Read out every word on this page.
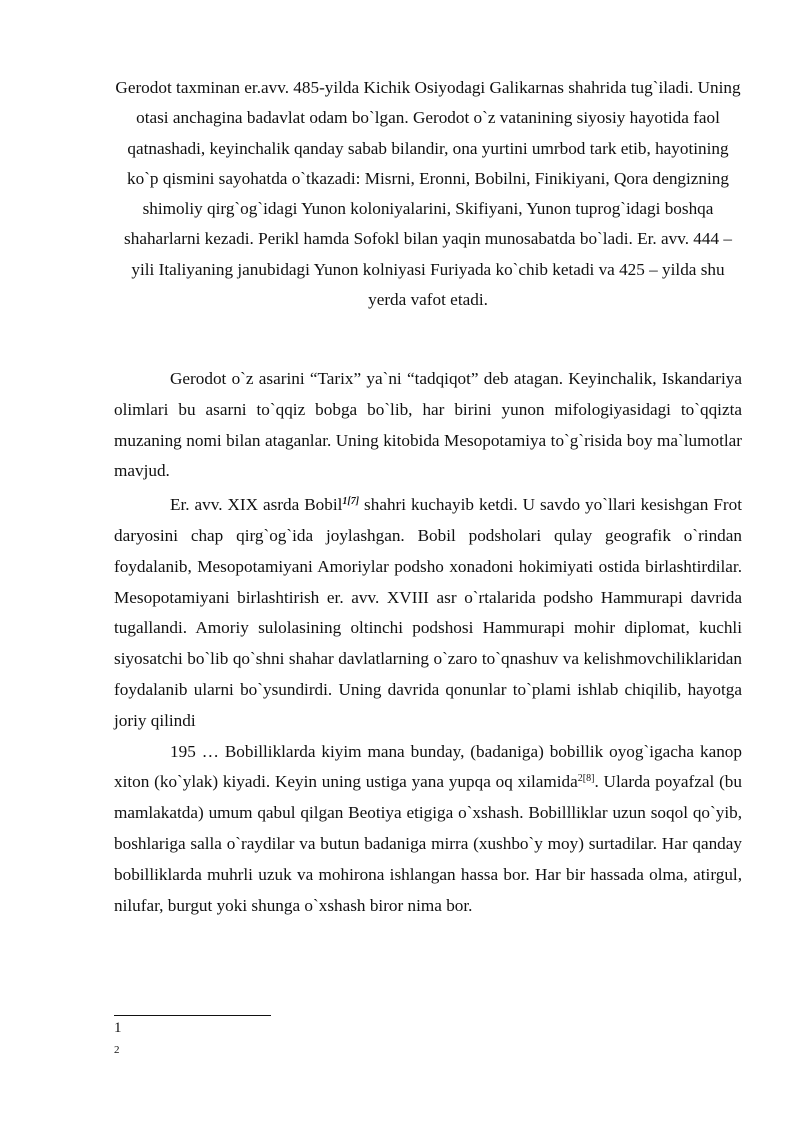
Gerodot taxminan er.avv. 485-yilda Kichik Osiyodagi Galikarnas shahrida tug`iladi. Uning otasi anchagina badavlat odam bo`lgan. Gerodot o`z vatanining siyosiy hayotida faol qatnashadi, keyinchalik qanday sabab bilandir, ona yurtini umrbod tark etib, hayotining ko`p qismini sayohatda o`tkazadi: Misrni, Eronni, Bobilni, Finikiyani, Qora dengizning shimoliy qirg`og`idagi Yunon koloniyalarini, Skifiyani, Yunon tuprog`idagi boshqa shaharlarni kezadi. Perikl hamda Sofokl bilan yaqin munosabatda bo`ladi. Er. avv. 444 – yili Italiyaning janubidagi Yunon kolniyasi Furiyada ko`chib ketadi va 425 – yilda shu yerda vafot etadi.

Gerodot o`z asarini “Tarix” ya`ni “tadqiqot” deb atagan. Keyinchalik, Iskandariya olimlari bu asarni to`qqiz bobga bo`lib, har birini yunon mifologiyasidagi to`qqizta muzaning nomi bilan ataganlar. Uning kitobida Mesopotamiya to`g`risida boy ma`lumotlar mavjud.

Er. avv. XIX asrda Bobil$^{1[7]}$ shahri kuchayib ketdi. U savdo yo`llari kesishgan Frot daryosini chap qirg`og`ida joylashgan. Bobil podsholari qulay geografik o`rindan foydalanib, Mesopotamiyani Amoriylar podsho xonadoni hokimiyati ostida birlashtirdilar. Mesopotamiyani birlashtirish er. avv. XVIII asr o`rtalarida podsho Hammurapi davrida tugallandi. Amoriy sulolasining oltinchi podshosi Hammurapi mohir diplomat, kuchli siyosatchi bo`lib qo`shni shahar davlatlarning o`zaro to`qnashuv va kelishmovchiliklaridan foydalanib ularni bo`ysundirdi. Uning davrida qonunlar to`plami ishlab chiqilib, hayotga joriy qilindi

195 … Bobilliklarda kiyim mana bunday, (badaniga) bobillik oyog`igacha kanop xiton (ko`ylak) kiyadi. Keyin uning ustiga yana yupqa oq xilamida$^{2[8]}$. Ularda poyafzal (bu mamlakatda) umum qabul qilgan Beotiya etigiga o`xshash. Bobillliklar uzun soqol qo`yib, boshlariga salla o`raydilar va butun badaniga mirra (xushbo`y moy) surtadilar. Har qanday bobilliklarda muhrli uzuk va mohirona ishlangan hassa bor. Har bir hassada olma, atirgul, nilufar, burgut yoki shunga o`xshash biror nima bor.

1
2
